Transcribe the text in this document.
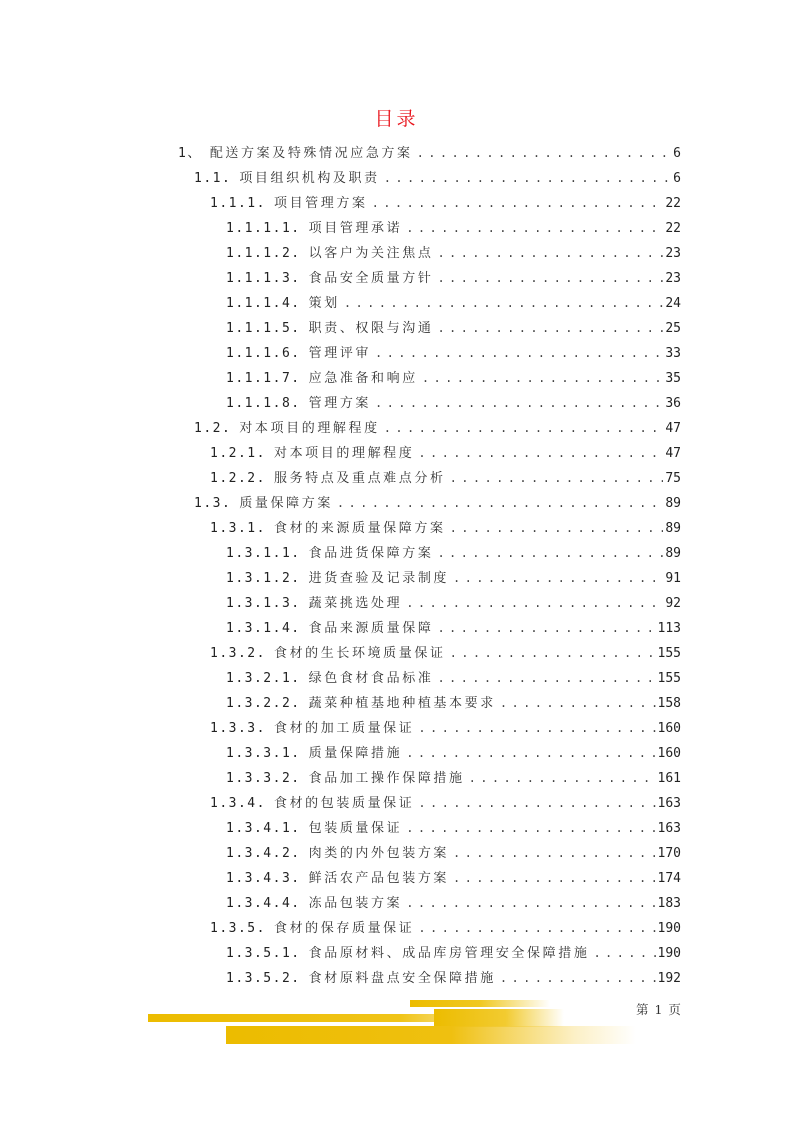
目录
1、 配送方案及特殊情况应急方案 .....	6
1.1. 项目组织机构及职责 .....	6
1.1.1. 项目管理方案 .....	22
1.1.1.1. 项目管理承诺 .....	22
1.1.1.2. 以客户为关注焦点 .....	23
1.1.1.3. 食品安全质量方针 .....	23
1.1.1.4. 策划 .....	24
1.1.1.5. 职责、权限与沟通 .....	25
1.1.1.6. 管理评审 .....	33
1.1.1.7. 应急准备和响应 .....	35
1.1.1.8. 管理方案 .....	36
1.2. 对本项目的理解程度 .....	47
1.2.1. 对本项目的理解程度 .....	47
1.2.2. 服务特点及重点难点分析 .....	75
1.3. 质量保障方案 .....	89
1.3.1. 食材的来源质量保障方案 .....	89
1.3.1.1. 食品进货保障方案 .....	89
1.3.1.2. 进货查验及记录制度 .....	91
1.3.1.3. 蔬菜挑选处理 .....	92
1.3.1.4. 食品来源质量保障 .....	113
1.3.2. 食材的生长环境质量保证 .....	155
1.3.2.1. 绿色食材食品标准 .....	155
1.3.2.2. 蔬菜种植基地种植基本要求 .....	158
1.3.3. 食材的加工质量保证 .....	160
1.3.3.1. 质量保障措施 .....	160
1.3.3.2. 食品加工操作保障措施 .....	161
1.3.4. 食材的包装质量保证 .....	163
1.3.4.1. 包装质量保证 .....	163
1.3.4.2. 肉类的内外包装方案 .....	170
1.3.4.3. 鲜活农产品包装方案 .....	174
1.3.4.4. 冻品包装方案 .....	183
1.3.5. 食材的保存质量保证 .....	190
1.3.5.1. 食品原材料、成品库房管理安全保障措施 .....	190
1.3.5.2. 食材原料盘点安全保障措施 .....	192
第 1 页
